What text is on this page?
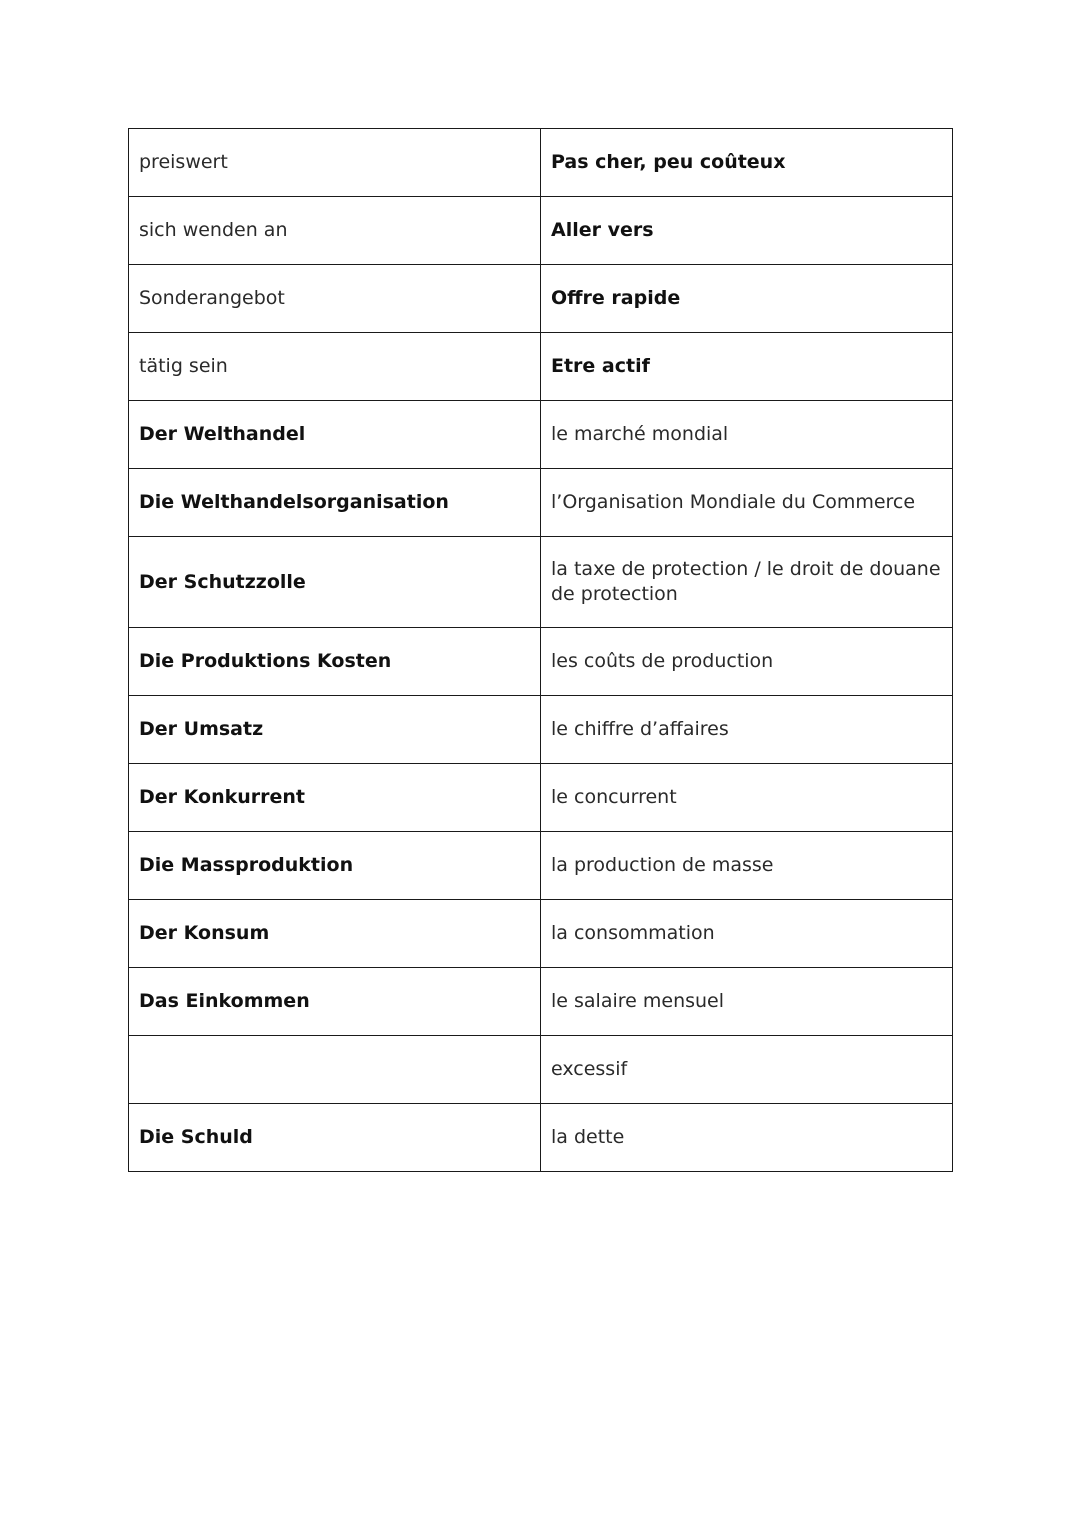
preiswert	Pas cher, peu coûteux
sich wenden an	Aller vers
Sonderangebot	Offre rapide
tätig sein	Etre actif
Der Welthandel	le marché mondial
Die Welthandelsorganisation	l’Organisation Mondiale du Commerce
Der Schutzzolle	la taxe de protection / le droit de douane de protection
Die Produktions Kosten	les coûts de production
Der Umsatz	le chiffre d’affaires
Der Konkurrent	le concurrent
Die Massproduktion	la production de masse
Der Konsum	la consommation
Das Einkommen	le salaire mensuel
	excessif
Die Schuld	la dette
